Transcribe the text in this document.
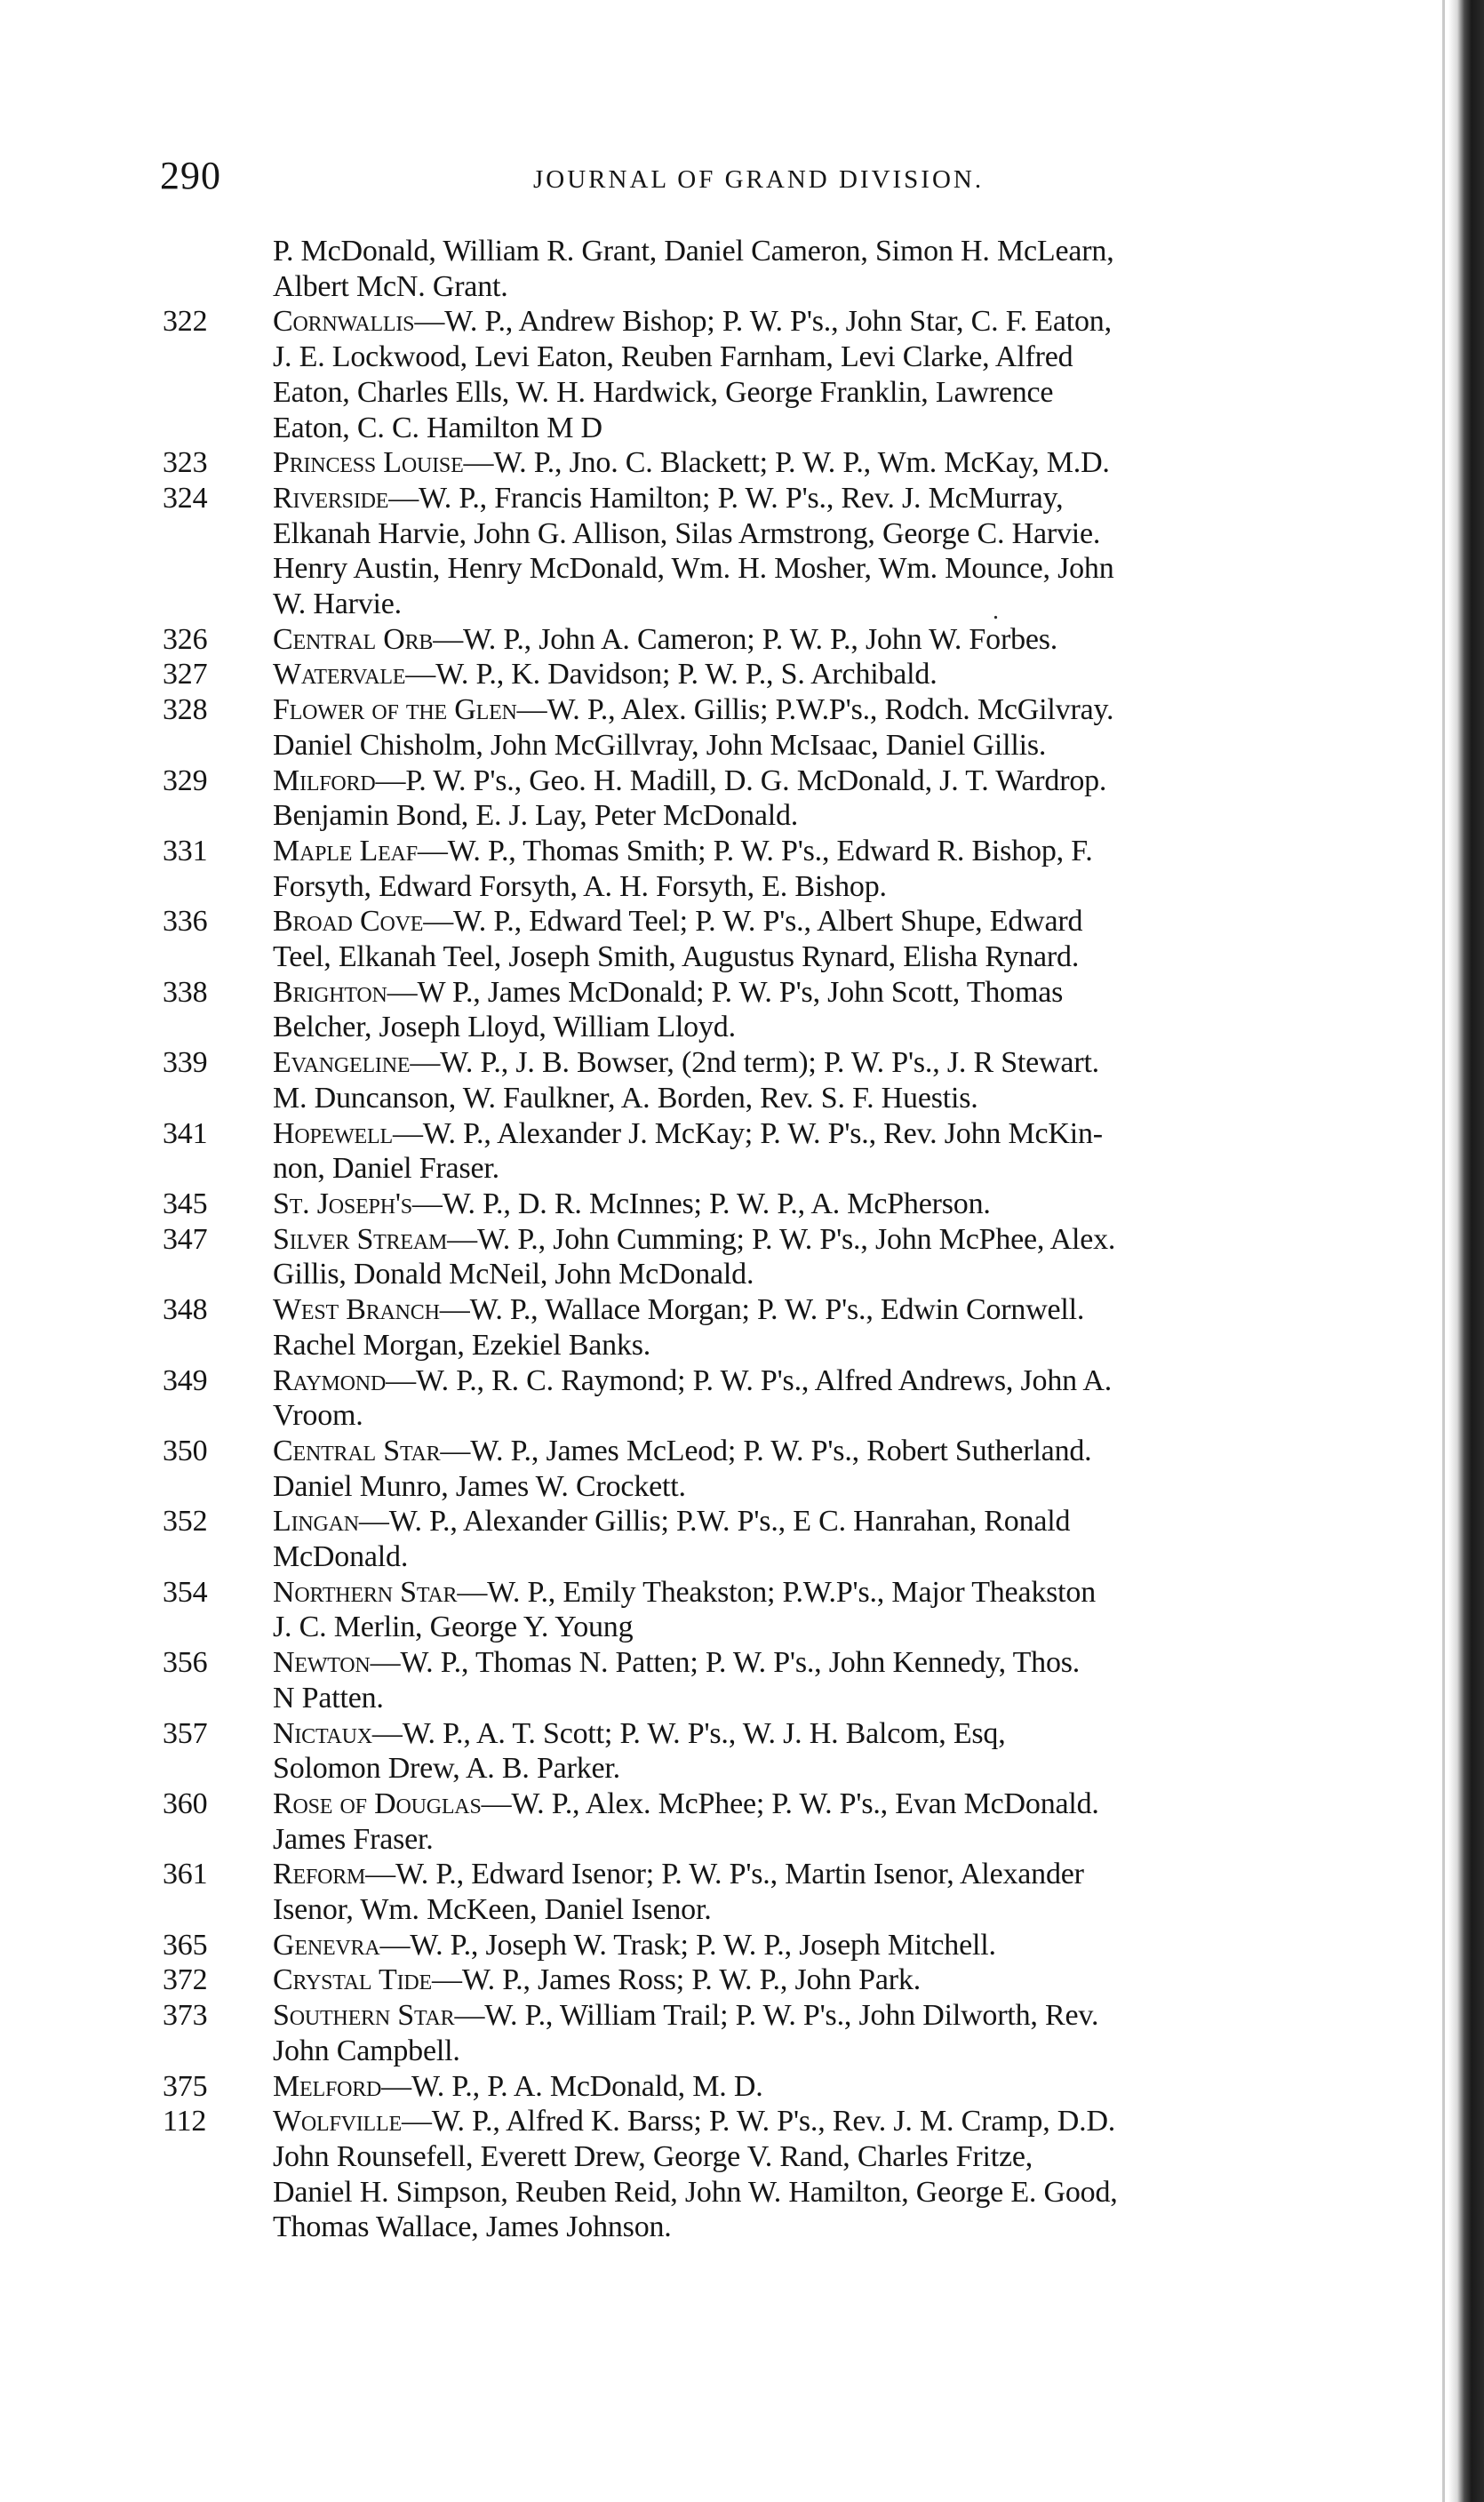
290	JOURNAL OF GRAND DIVISION.
P. McDonald, William R. Grant, Daniel Cameron, Simon H. McLearn,
Albert McN. Grant.
322	Cornwallis—W. P., Andrew Bishop; P. W. P's., John Star, C. F. Eaton,
J. E. Lockwood, Levi Eaton, Reuben Farnham, Levi Clarke, Alfred
Eaton, Charles Ells, W. H. Hardwick, George Franklin, Lawrence
Eaton, C. C. Hamilton M D
323	Princess Louise—W. P., Jno. C. Blackett; P. W. P., Wm. McKay, M.D.
324	Riverside—W. P., Francis Hamilton; P. W. P's., Rev. J. McMurray,
Elkanah Harvie, John G. Allison, Silas Armstrong, George C. Harvie.
Henry Austin, Henry McDonald, Wm. H. Mosher, Wm. Mounce, John
W. Harvie.
326	Central Orb—W. P., John A. Cameron; P. W. P., John W. Forbes.
327	Watervale—W. P., K. Davidson; P. W. P., S. Archibald.
328	Flower of the Glen—W. P., Alex. Gillis; P.W.P's., Rodch. McGilvray.
Daniel Chisholm, John McGillvray, John McIsaac, Daniel Gillis.
329	Milford—P. W. P's., Geo. H. Madill, D. G. McDonald, J. T. Wardrop.
Benjamin Bond, E. J. Lay, Peter McDonald.
331	Maple Leaf—W. P., Thomas Smith; P. W. P's., Edward R. Bishop, F.
Forsyth, Edward Forsyth, A. H. Forsyth, E. Bishop.
336	Broad Cove—W. P., Edward Teel; P. W. P's., Albert Shupe, Edward
Teel, Elkanah Teel, Joseph Smith, Augustus Rynard, Elisha Rynard.
338	Brighton—W P., James McDonald; P. W. P's, John Scott, Thomas
Belcher, Joseph Lloyd, William Lloyd.
339	Evangeline—W. P., J. B. Bowser, (2nd term); P. W. P's., J. R Stewart.
M. Duncanson, W. Faulkner, A. Borden, Rev. S. F. Huestis.
341	Hopewell—W. P., Alexander J. McKay; P. W. P's., Rev. John McKin-
non, Daniel Fraser.
345	St. Joseph's—W. P., D. R. McInnes; P. W. P., A. McPherson.
347	Silver Stream—W. P., John Cumming; P. W. P's., John McPhee, Alex.
Gillis, Donald McNeil, John McDonald.
348	West Branch—W. P., Wallace Morgan; P. W. P's., Edwin Cornwell.
Rachel Morgan, Ezekiel Banks.
349	Raymond—W. P., R. C. Raymond; P. W. P's., Alfred Andrews, John A.
Vroom.
350	Central Star—W. P., James McLeod; P. W. P's., Robert Sutherland.
Daniel Munro, James W. Crockett.
352	Lingan—W. P., Alexander Gillis; P.W. P's., E C. Hanrahan, Ronald
McDonald.
354	Northern Star—W. P., Emily Theakston; P.W.P's., Major Theakston
J. C. Merlin, George Y. Young
356	Newton—W. P., Thomas N. Patten; P. W. P's., John Kennedy, Thos.
N Patten.
357	Nictaux—W. P., A. T. Scott; P. W. P's., W. J. H. Balcom, Esq,
Solomon Drew, A. B. Parker.
360	Rose of Douglas—W. P., Alex. McPhee; P. W. P's., Evan McDonald.
James Fraser.
361	Reform—W. P., Edward Isenor; P. W. P's., Martin Isenor, Alexander
Isenor, Wm. McKeen, Daniel Isenor.
365	Genevra—W. P., Joseph W. Trask; P. W. P., Joseph Mitchell.
372	Crystal Tide—W. P., James Ross; P. W. P., John Park.
373	Southern Star—W. P., William Trail; P. W. P's., John Dilworth, Rev.
John Campbell.
375	Melford—W. P., P. A. McDonald, M. D.
112	Wolfville—W. P., Alfred K. Barss; P. W. P's., Rev. J. M. Cramp, D.D.
John Rounsefell, Everett Drew, George V. Rand, Charles Fritze,
Daniel H. Simpson, Reuben Reid, John W. Hamilton, George E. Good,
Thomas Wallace, James Johnson.
.
